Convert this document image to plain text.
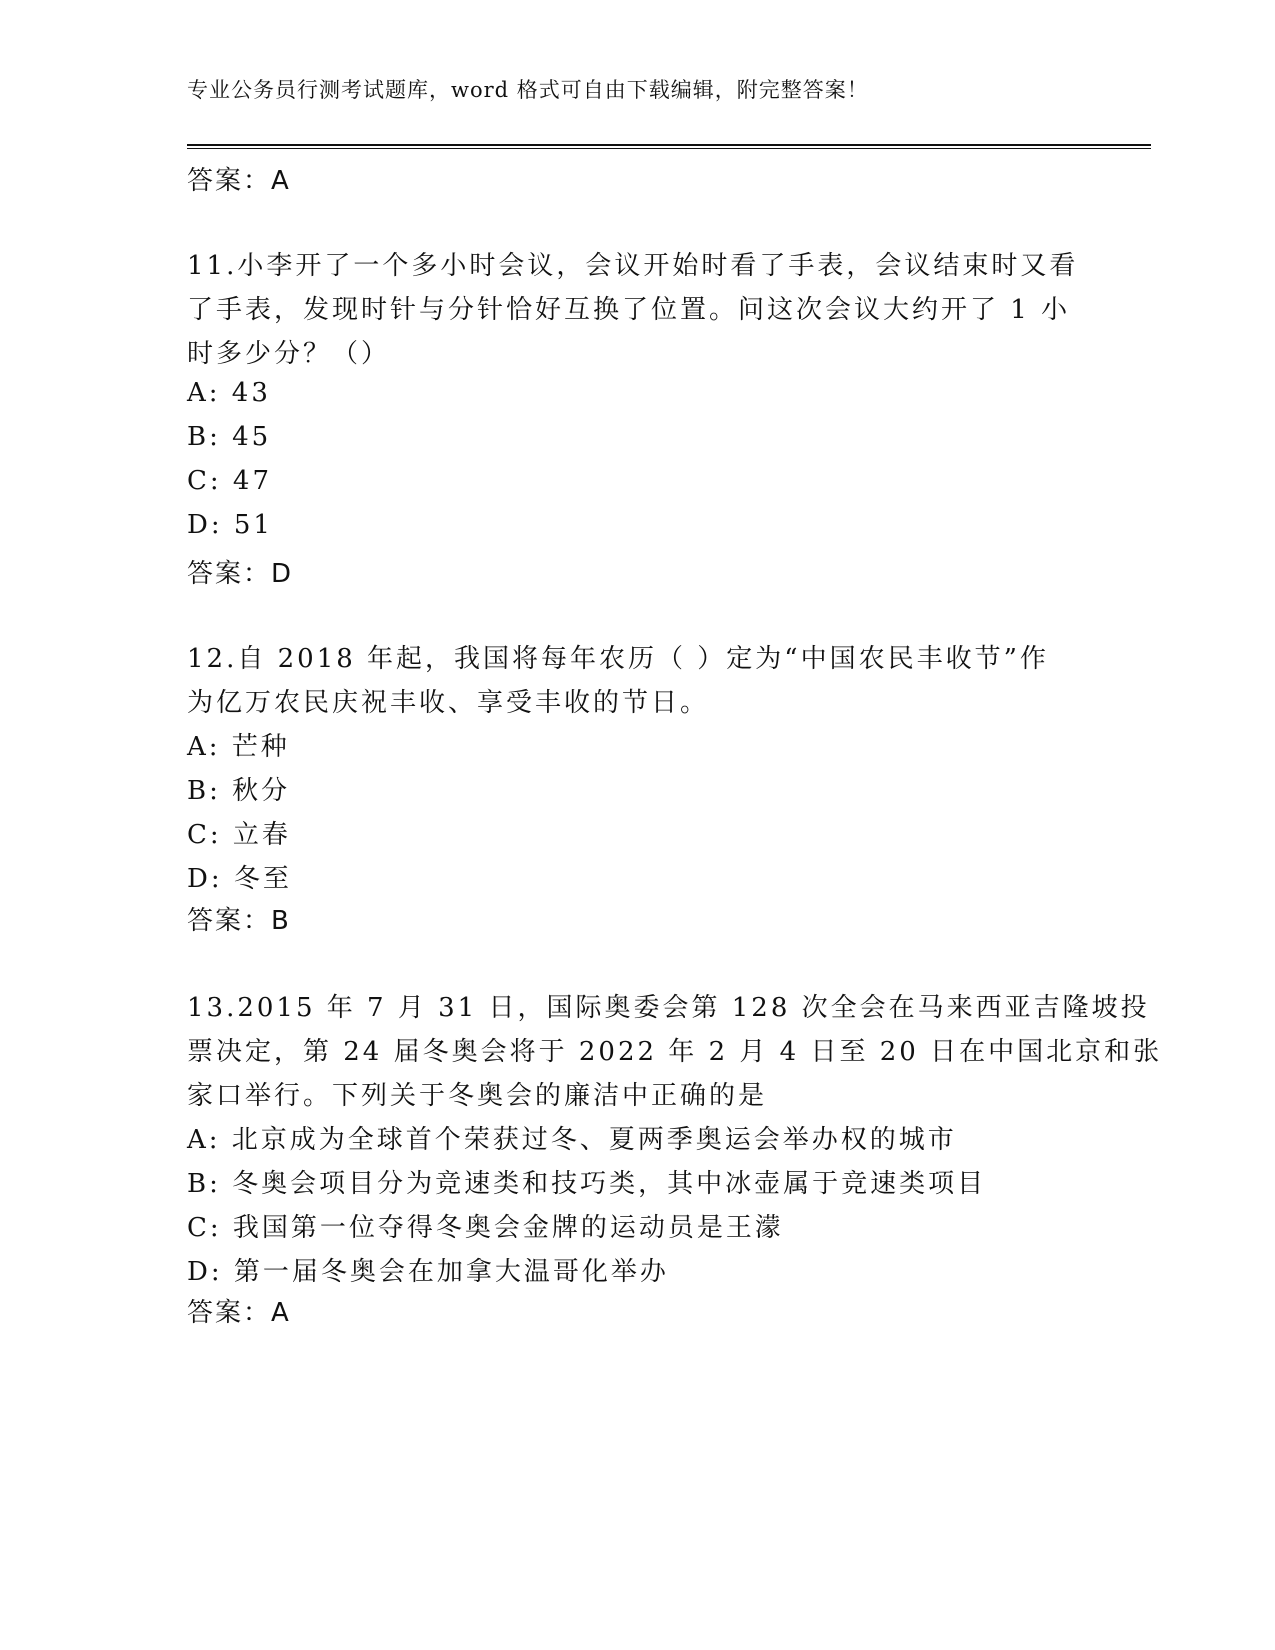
专业公务员行测考试题库，word 格式可自由下载编辑，附完整答案！
答案：A
11.小李开了一个多小时会议，会议开始时看了手表，会议结束时又看
了手表，发现时针与分针恰好互换了位置。问这次会议大约开了 1 小
时多少分？（）
A: 43
B: 45
C: 47
D: 51
答案：D
12.自 2018 年起，我国将每年农历（ ）定为“中国农民丰收节”作
为亿万农民庆祝丰收、享受丰收的节日。
A: 芒种
B: 秋分
C: 立春
D: 冬至
答案：B
13.2015 年 7 月 31 日，国际奥委会第 128 次全会在马来西亚吉隆坡投
票决定，第 24 届冬奥会将于 2022 年 2 月 4 日至 20 日在中国北京和张
家口举行。下列关于冬奥会的廉洁中正确的是
A: 北京成为全球首个荣获过冬、夏两季奥运会举办权的城市
B: 冬奥会项目分为竞速类和技巧类，其中冰壶属于竞速类项目
C: 我国第一位夺得冬奥会金牌的运动员是王濛
D: 第一届冬奥会在加拿大温哥化举办
答案：A
